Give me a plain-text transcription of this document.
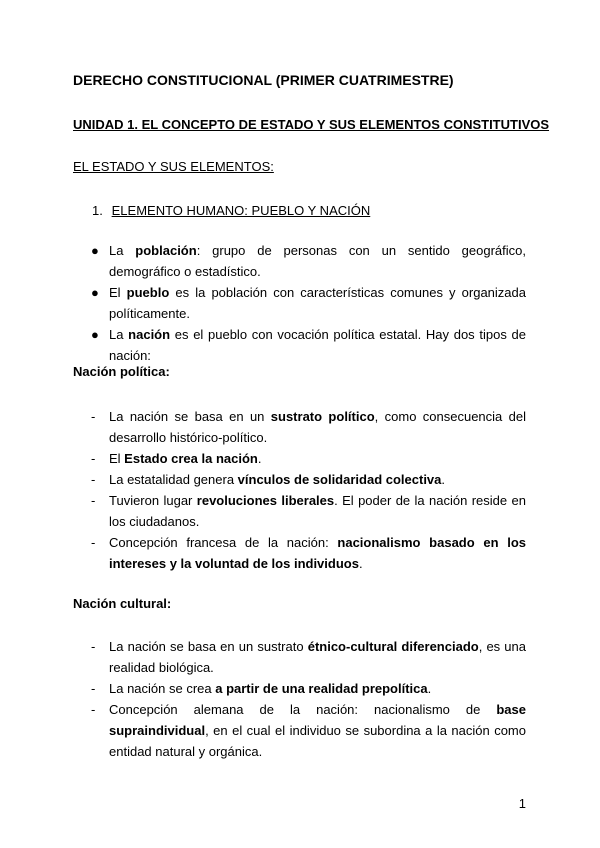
DERECHO CONSTITUCIONAL (PRIMER CUATRIMESTRE)
UNIDAD 1. EL CONCEPTO DE ESTADO Y SUS ELEMENTOS CONSTITUTIVOS
EL ESTADO Y SUS ELEMENTOS:
1. ELEMENTO HUMANO: PUEBLO Y NACIÓN
● La población: grupo de personas con un sentido geográfico, demográfico o estadístico.
● El pueblo es la población con características comunes y organizada políticamente.
● La nación es el pueblo con vocación política estatal. Hay dos tipos de nación:
Nación política:
- La nación se basa en un sustrato político, como consecuencia del desarrollo histórico-político.
- El Estado crea la nación.
- La estatalidad genera vínculos de solidaridad colectiva.
- Tuvieron lugar revoluciones liberales. El poder de la nación reside en los ciudadanos.
- Concepción francesa de la nación: nacionalismo basado en los intereses y la voluntad de los individuos.
Nación cultural:
- La nación se basa en un sustrato étnico-cultural diferenciado, es una realidad biológica.
- La nación se crea a partir de una realidad prepolítica.
- Concepción alemana de la nación: nacionalismo de base supraindividual, en el cual el individuo se subordina a la nación como entidad natural y orgánica.
1
